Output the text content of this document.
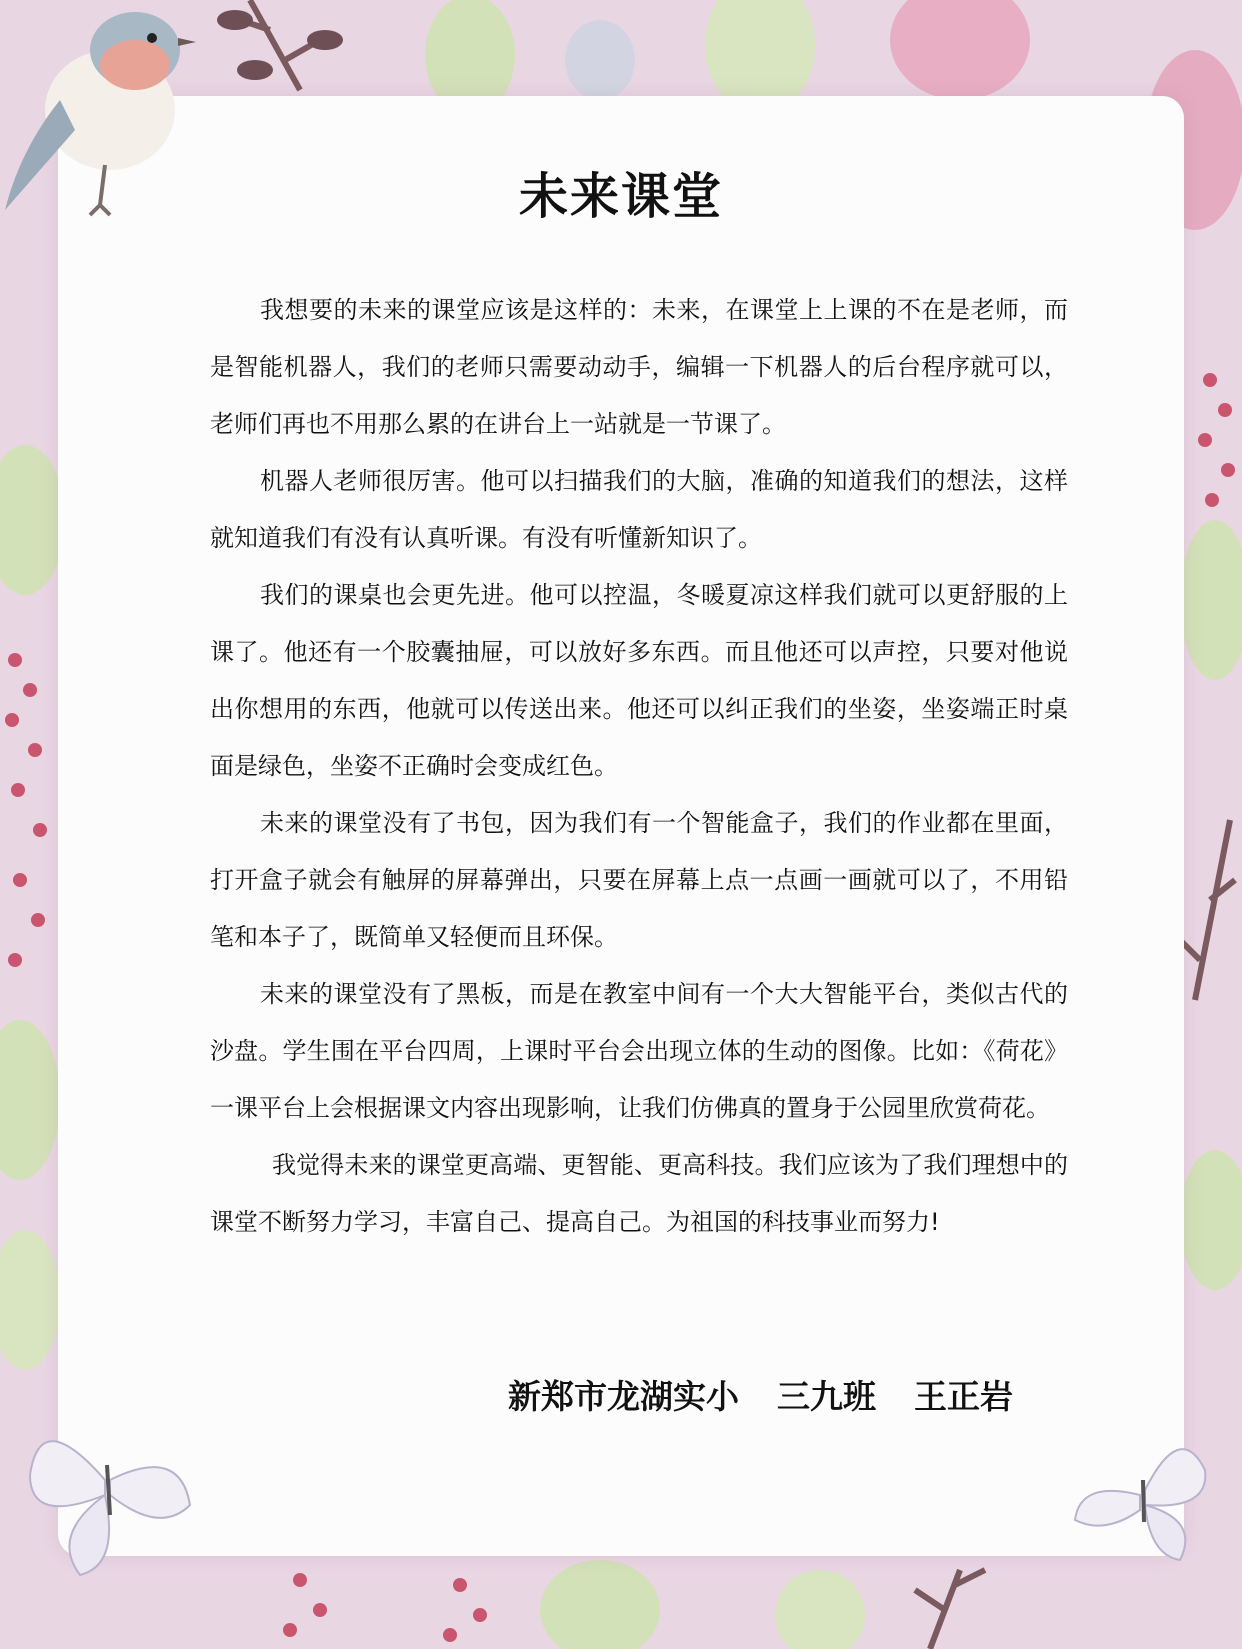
未来课堂

我想要的未来的课堂应该是这样的：未来，在课堂上上课的不在是老师，而是智能机器人，我们的老师只需要动动手，编辑一下机器人的后台程序就可以，老师们再也不用那么累的在讲台上一站就是一节课了。

机器人老师很厉害。他可以扫描我们的大脑，准确的知道我们的想法，这样就知道我们有没有认真听课。有没有听懂新知识了。

我们的课桌也会更先进。他可以控温，冬暖夏凉这样我们就可以更舒服的上课了。他还有一个胶囊抽屉，可以放好多东西。而且他还可以声控，只要对他说出你想用的东西，他就可以传送出来。他还可以纠正我们的坐姿，坐姿端正时桌面是绿色，坐姿不正确时会变成红色。

未来的课堂没有了书包，因为我们有一个智能盒子，我们的作业都在里面，打开盒子就会有触屏的屏幕弹出，只要在屏幕上点一点画一画就可以了，不用铅笔和本子了，既简单又轻便而且环保。

未来的课堂没有了黑板，而是在教室中间有一个大大智能平台，类似古代的沙盘。学生围在平台四周，上课时平台会出现立体的生动的图像。比如：《荷花》一课平台上会根据课文内容出现影响，让我们仿佛真的置身于公园里欣赏荷花。

我觉得未来的课堂更高端、更智能、更高科技。我们应该为了我们理想中的课堂不断努力学习，丰富自己、提高自己。为祖国的科技事业而努力!

新郑市龙湖实小 三九班 王正岩
